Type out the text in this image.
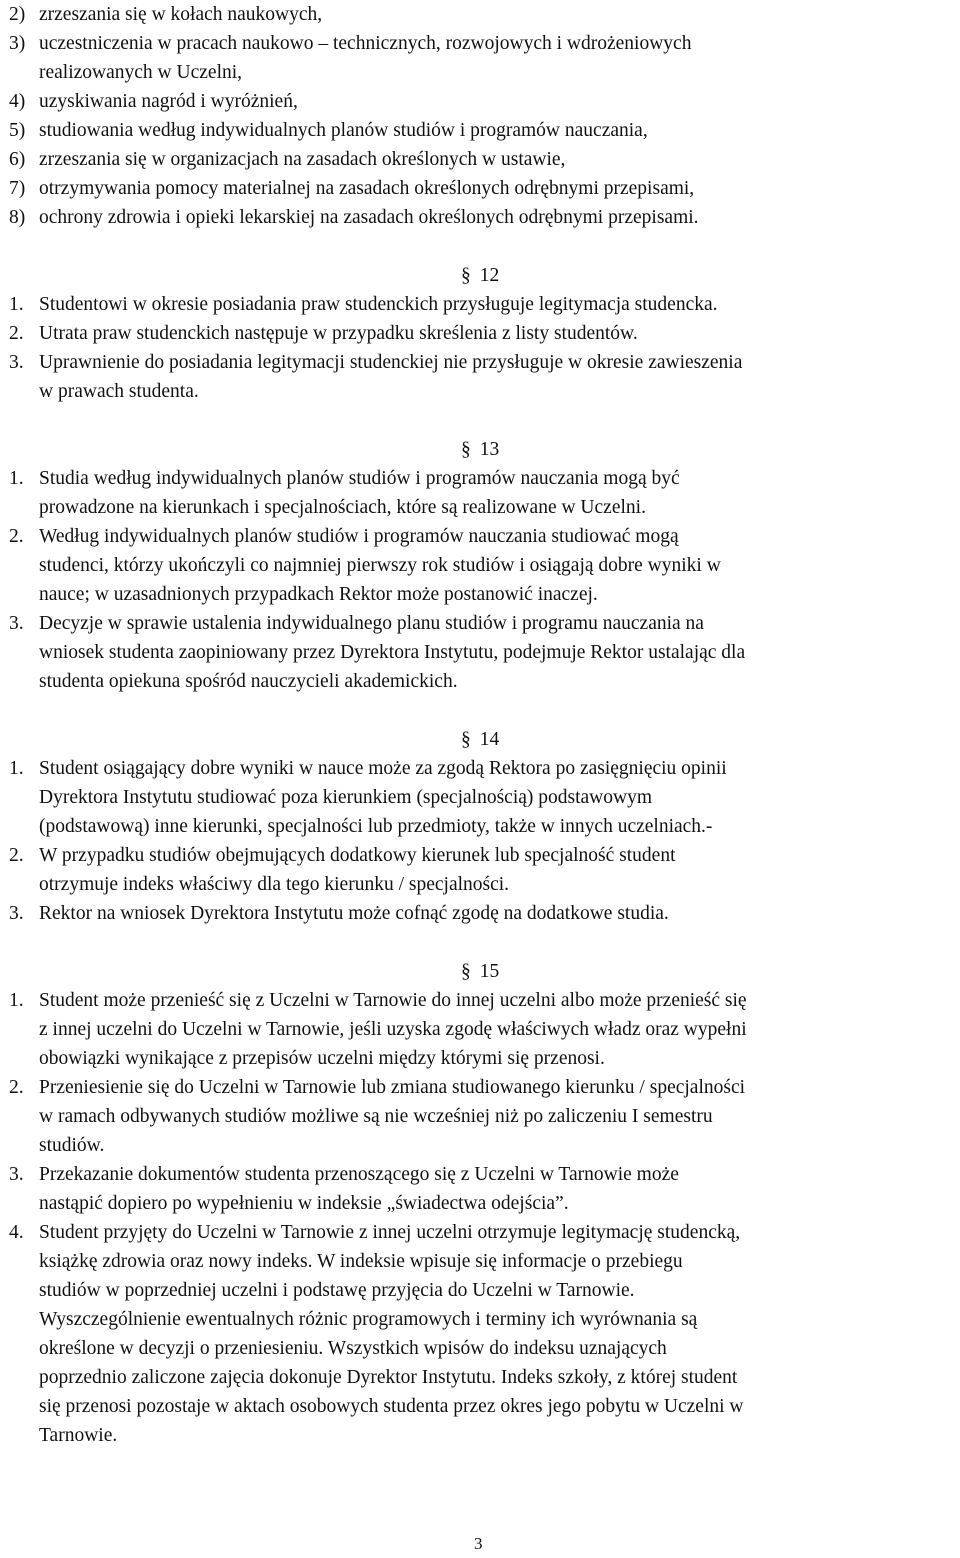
2) zrzeszania się w kołach naukowych,
3) uczestniczenia w pracach naukowo – technicznych, rozwojowych i wdrożeniowych
realizowanych w Uczelni,
4) uzyskiwania nagród i wyróżnień,
5) studiowania według indywidualnych planów studiów i programów nauczania,
6) zrzeszania się w organizacjach na zasadach określonych w ustawie,
7) otrzymywania pomocy materialnej na zasadach określonych odrębnymi przepisami,
8) ochrony zdrowia i opieki lekarskiej na zasadach określonych odrębnymi przepisami.
§ 12
1. Studentowi w okresie posiadania praw studenckich przysługuje legitymacja studencka.
2. Utrata praw studenckich następuje w przypadku skreślenia z listy studentów.
3. Uprawnienie do posiadania legitymacji studenckiej nie przysługuje w okresie zawieszenia
w prawach studenta.
§ 13
1. Studia według indywidualnych planów studiów i programów nauczania mogą być
prowadzone na kierunkach i specjalnościach, które są realizowane w Uczelni.
2. Według indywidualnych planów studiów i programów nauczania studiować mogą
studenci, którzy ukończyli co najmniej pierwszy rok studiów i osiągają dobre wyniki w
nauce; w uzasadnionych przypadkach Rektor może postanowić inaczej.
3. Decyzje w sprawie ustalenia indywidualnego planu studiów i programu nauczania na
wniosek studenta zaopiniowany przez Dyrektora Instytutu, podejmuje Rektor ustalając dla
studenta opiekuna spośród nauczycieli akademickich.
§ 14
1. Student osiągający dobre wyniki w nauce może za zgodą Rektora po zasięgnięciu opinii
Dyrektora Instytutu studiować poza kierunkiem (specjalnością) podstawowym
(podstawową) inne kierunki, specjalności lub przedmioty, także w innych uczelniach.-
2. W przypadku studiów obejmujących dodatkowy kierunek lub specjalność student
otrzymuje indeks właściwy dla tego kierunku / specjalności.
3. Rektor na wniosek Dyrektora Instytutu może cofnąć zgodę na dodatkowe studia.
§ 15
1. Student może przenieść się z Uczelni w Tarnowie do innej uczelni albo może przenieść się
z innej uczelni do Uczelni w Tarnowie, jeśli uzyska zgodę właściwych władz oraz wypełni
obowiązki wynikające z przepisów uczelni między którymi się przenosi.
2. Przeniesienie się do Uczelni w Tarnowie lub zmiana studiowanego kierunku / specjalności
w ramach odbywanych studiów możliwe są nie wcześniej niż po zaliczeniu I semestru
studiów.
3. Przekazanie dokumentów studenta przenoszącego się z Uczelni w Tarnowie może
nastąpić dopiero po wypełnieniu w indeksie „świadectwa odejścia”.
4. Student przyjęty do Uczelni w Tarnowie z innej uczelni otrzymuje legitymację studencką,
książkę zdrowia oraz nowy indeks. W indeksie wpisuje się informacje o przebiegu
studiów w poprzedniej uczelni i podstawę przyjęcia do Uczelni w Tarnowie.
Wyszczególnienie ewentualnych różnic programowych i terminy ich wyrównania są
określone w decyzji o przeniesieniu. Wszystkich wpisów do indeksu uznających
poprzednio zaliczone zajęcia dokonuje Dyrektor Instytutu. Indeks szkoły, z której student
się przenosi pozostaje w aktach osobowych studenta przez okres jego pobytu w Uczelni w
Tarnowie.
3
